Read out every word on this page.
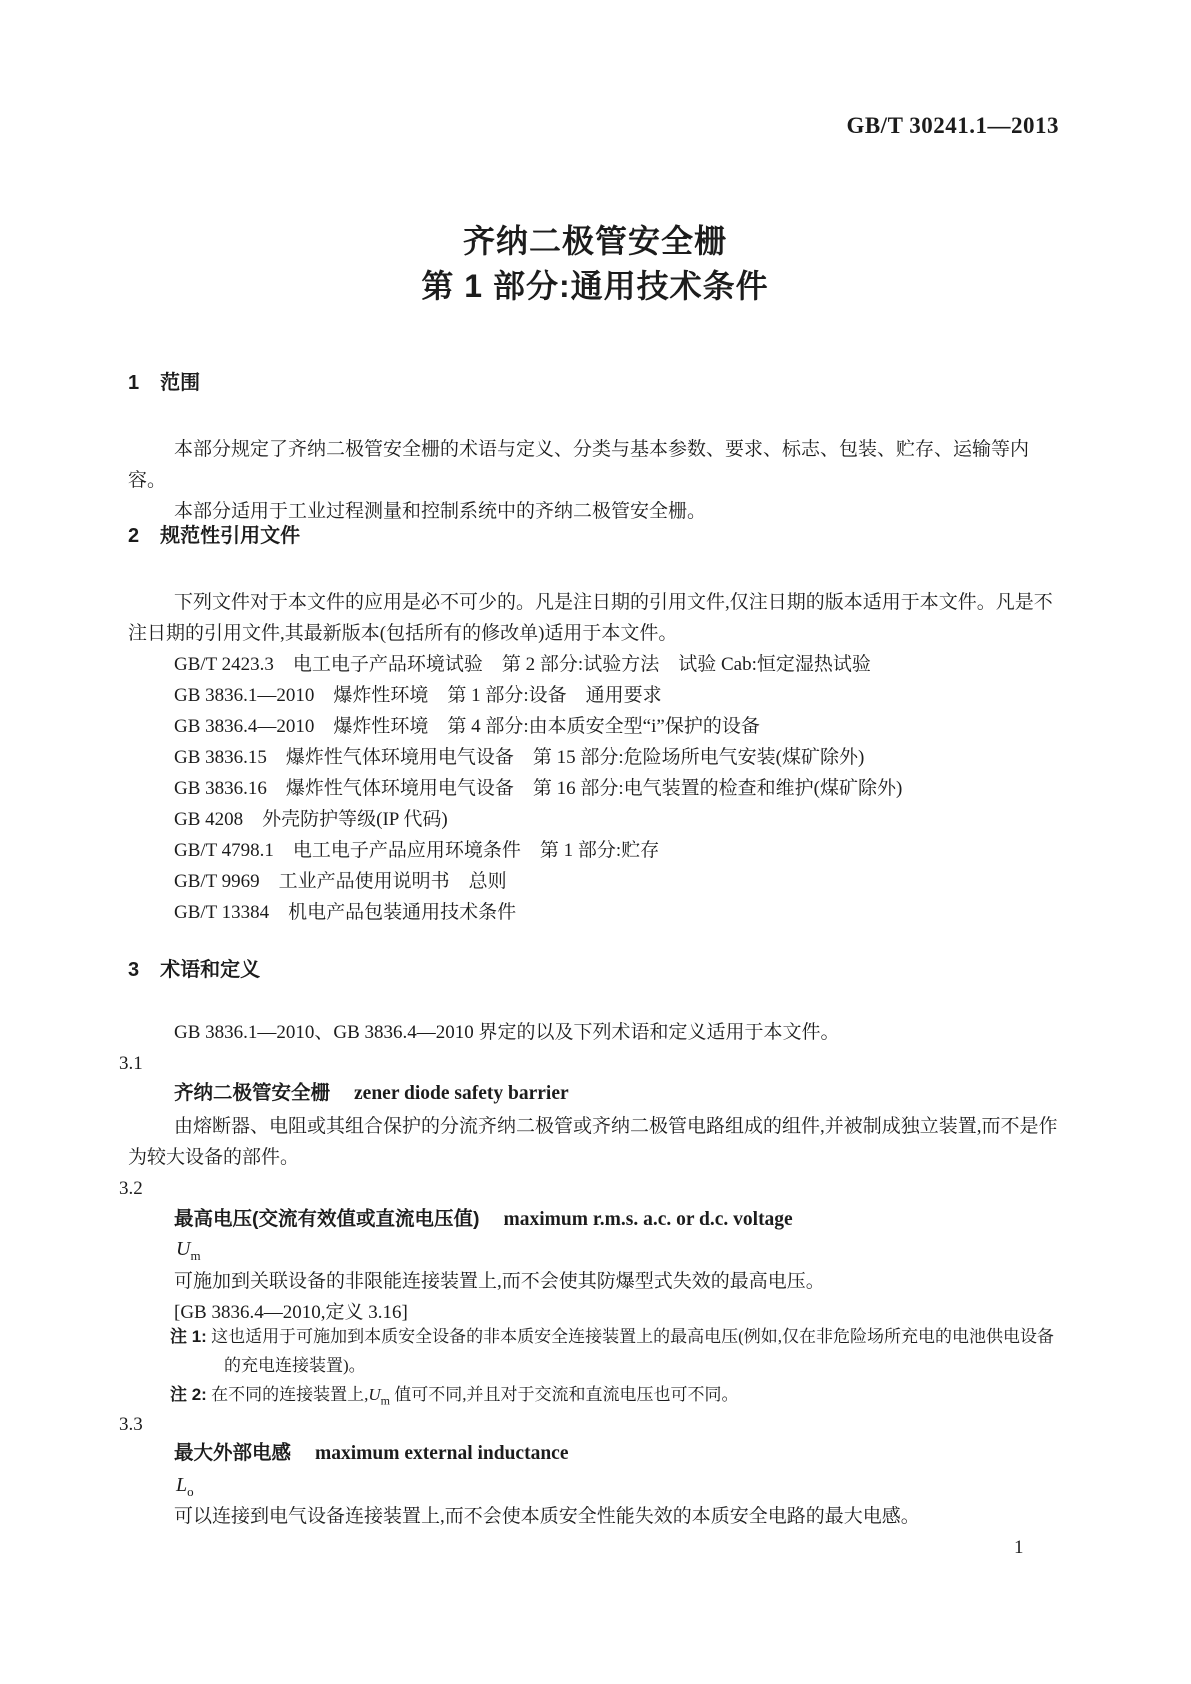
GB/T 30241.1—2013
齐纳二极管安全栅
第 1 部分:通用技术条件
1 范围

本部分规定了齐纳二极管安全栅的术语与定义、分类与基本参数、要求、标志、包装、贮存、运输等内容。

本部分适用于工业过程测量和控制系统中的齐纳二极管安全栅。

2 规范性引用文件

下列文件对于本文件的应用是必不可少的。凡是注日期的引用文件,仅注日期的版本适用于本文件。凡是不注日期的引用文件,其最新版本(包括所有的修改单)适用于本文件。

GB/T 2423.3　电工电子产品环境试验　第 2 部分:试验方法　试验 Cab:恒定湿热试验
GB 3836.1—2010　爆炸性环境　第 1 部分:设备　通用要求
GB 3836.4—2010　爆炸性环境　第 4 部分:由本质安全型“i”保护的设备
GB 3836.15　爆炸性气体环境用电气设备　第 15 部分:危险场所电气安装(煤矿除外)
GB 3836.16　爆炸性气体环境用电气设备　第 16 部分:电气装置的检查和维护(煤矿除外)
GB 4208　外壳防护等级(IP 代码)
GB/T 4798.1　电工电子产品应用环境条件　第 1 部分:贮存
GB/T 9969　工业产品使用说明书　总则
GB/T 13384　机电产品包装通用技术条件
3 术语和定义

GB 3836.1—2010、GB 3836.4—2010 界定的以及下列术语和定义适用于本文件。

3.1
齐纳二极管安全栅 zener diode safety barrier

由熔断器、电阻或其组合保护的分流齐纳二极管或齐纳二极管电路组成的组件,并被制成独立装置,而不是作为较大设备的部件。

3.2
最高电压(交流有效值或直流电压值) maximum r.m.s. a.c. or d.c. voltage
$U_m$

可施加到关联设备的非限能连接装置上,而不会使其防爆型式失效的最高电压。

[GB 3836.4—2010,定义 3.16]

注 1: 这也适用于可施加到本质安全设备的非本质安全连接装置上的最高电压(例如,仅在非危险场所充电的电池供电设备的充电连接装置)。

注 2: 在不同的连接装置上$,U_m$ 值可不同,并且对于交流和直流电压也可不同。

3.3
最大外部电感 maximum external inductance
$L_o$

可以连接到电气设备连接装置上,而不会使本质安全性能失效的本质安全电路的最大电感。

1
